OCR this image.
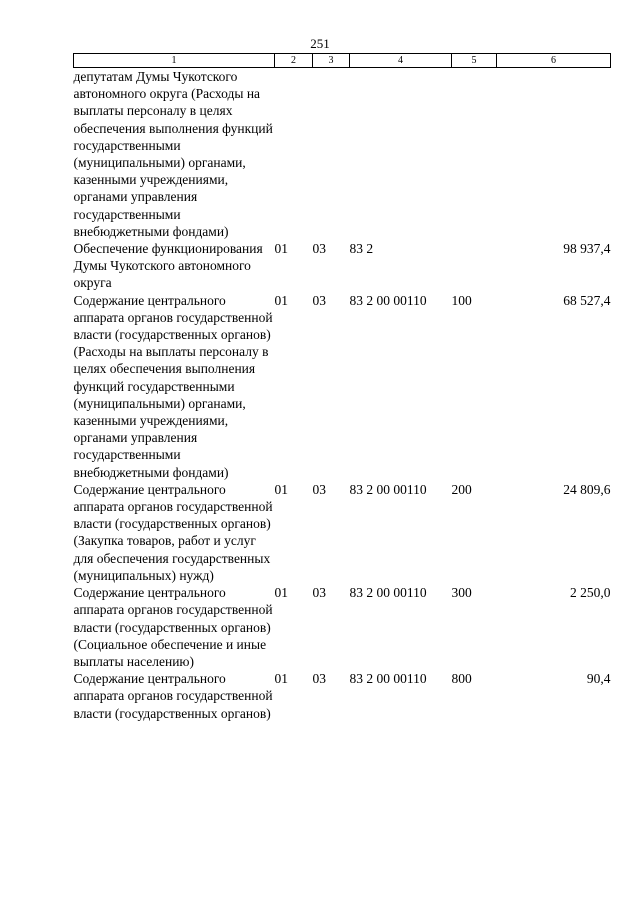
251
1	2	3	4	5	6
депутатам Думы Чукотского автономного округа (Расходы на выплаты персоналу в целях обеспечения выполнения функций государственными (муниципальными) органами, казенными учреждениями, органами управления государственными внебюджетными фондами)					
Обеспечение функционирования Думы Чукотского автономного округа	01	03	83 2		98 937,4
Содержание центрального аппарата органов государственной власти (государственных органов) (Расходы на выплаты персоналу в целях обеспечения выполнения функций государственными (муниципальными) органами, казенными учреждениями, органами управления государственными внебюджетными фондами)	01	03	83 2 00 00110	100	68 527,4
Содержание центрального аппарата органов государственной власти (государственных органов) (Закупка товаров, работ и услуг для обеспечения государственных (муниципальных) нужд)	01	03	83 2 00 00110	200	24 809,6
Содержание центрального аппарата органов государственной власти (государственных органов) (Социальное обеспечение и иные выплаты населению)	01	03	83 2 00 00110	300	2 250,0
Содержание центрального аппарата органов государственной власти (государственных органов)	01	03	83 2 00 00110	800	90,4
